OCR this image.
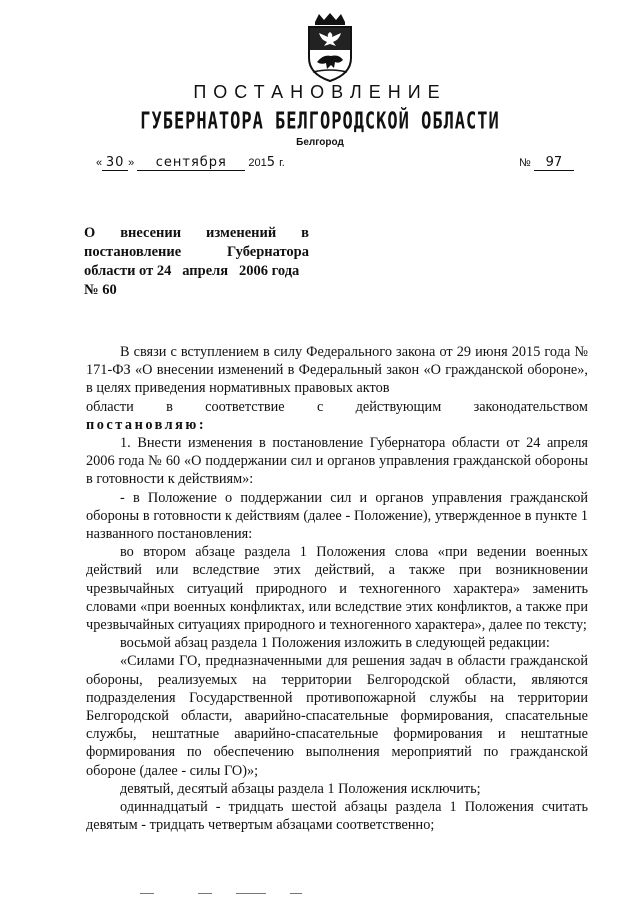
ПОСТАНОВЛЕНИЕ
ГУБЕРНАТОРА БЕЛГОРОДСКОЙ ОБЛАСТИ
Белгород
« 30 » сентября 2015 г.	№ 97
О внесении изменений в
постановление	Губернатора
области от 24   апреля   2006 года
№ 60

В связи с вступлением в силу Федерального закона от 29 июня 2015 года № 171-ФЗ «О внесении изменений в Федеральный закон «О гражданской обороне», в целях приведения нормативных правовых актов

области в соответствие с действующим законодательством

постановляю:

1. Внести изменения в постановление Губернатора области от 24 апреля 2006 года № 60 «О поддержании сил и органов управления гражданской обороны в готовности к действиям»:

- в Положение о поддержании сил и органов управления гражданской обороны в готовности к действиям (далее - Положение), утвержденное в пункте 1 названного постановления:

во втором абзаце раздела 1 Положения слова «при ведении военных действий или вследствие этих действий, а также при возникновении чрезвычайных ситуаций природного и техногенного характера» заменить словами «при военных конфликтах, или вследствие этих конфликтов, а также при чрезвычайных ситуациях природного и техногенного характера», далее по тексту;

восьмой абзац раздела 1 Положения изложить в следующей редакции:

«Силами ГО, предназначенными для решения задач в области гражданской обороны, реализуемых на территории Белгородской области, являются подразделения Государственной противопожарной службы на территории Белгородской области, аварийно-спасательные формирования, спасательные службы, нештатные аварийно-спасательные формирования и нештатные формирования по обеспечению выполнения мероприятий по гражданской обороне (далее - силы ГО)»;

девятый, десятый абзацы раздела 1 Положения исключить;

одиннадцатый - тридцать шестой абзацы раздела 1 Положения считать девятым - тридцать четвертым абзацами соответственно;
